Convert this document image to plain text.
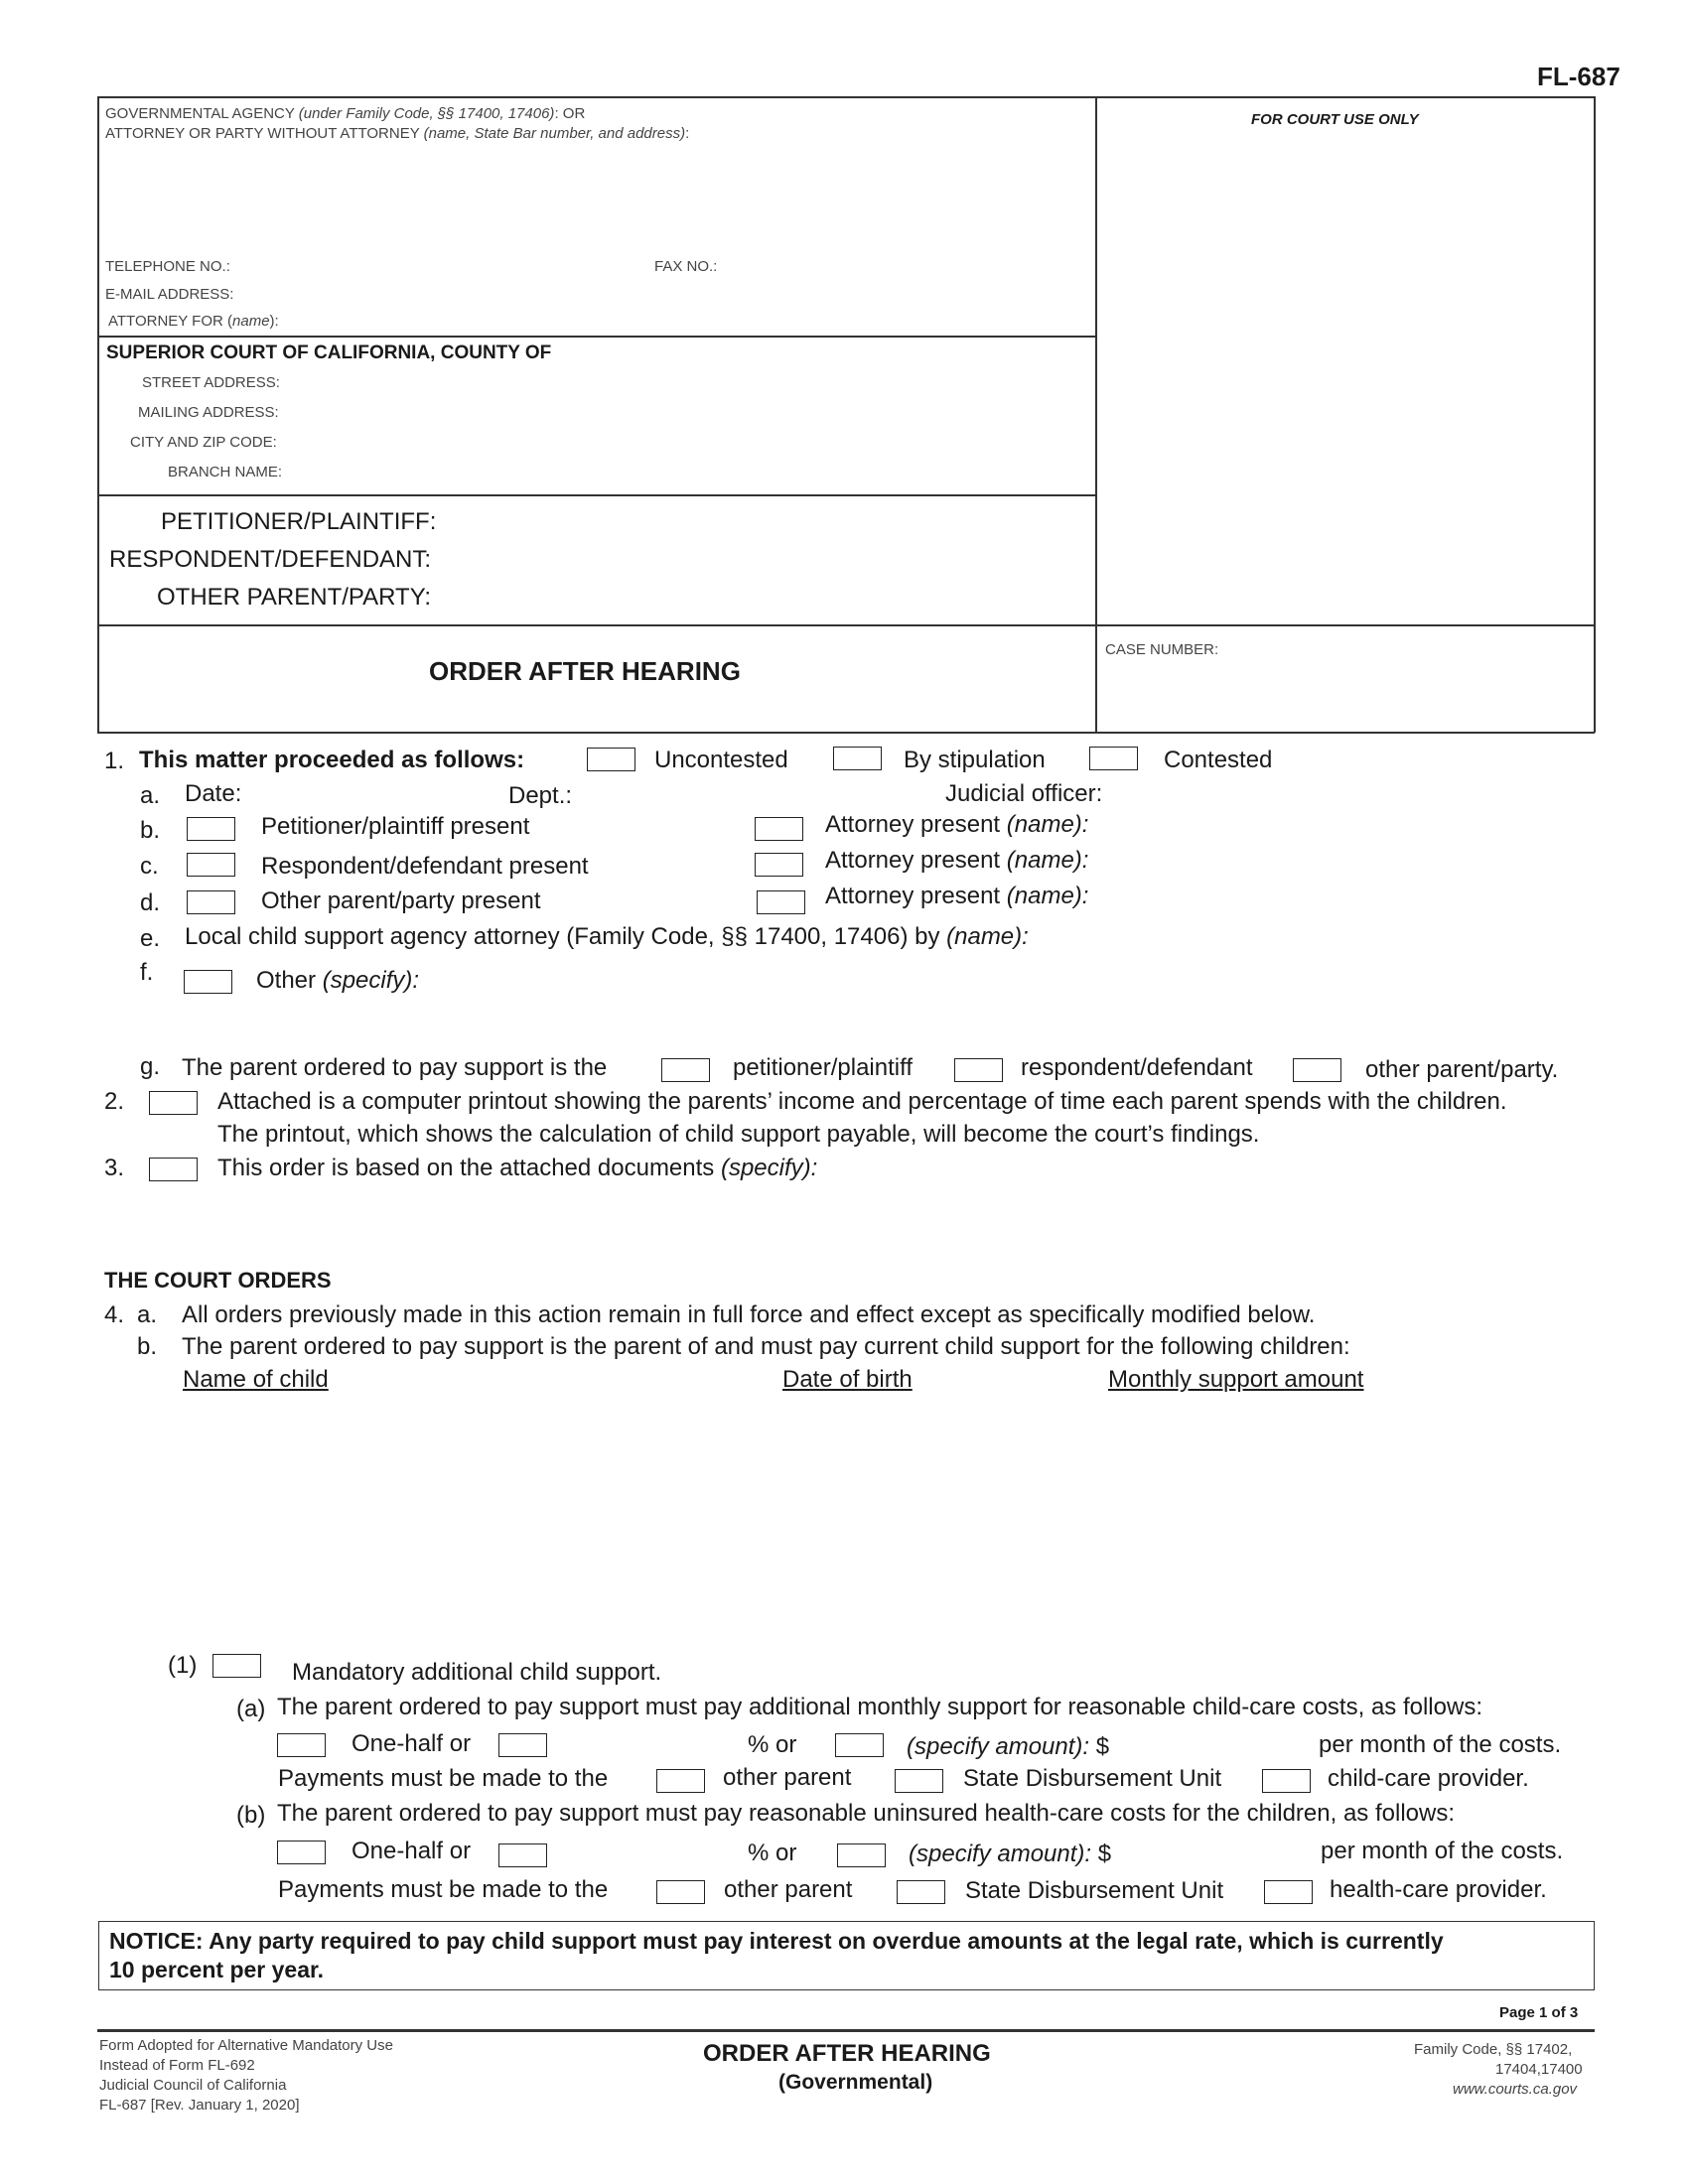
FL-687
GOVERNMENTAL AGENCY (under Family Code, §§ 17400, 17406): OR
ATTORNEY OR PARTY WITHOUT ATTORNEY (name, State Bar number, and address):
FOR COURT USE ONLY
TELEPHONE NO.:	FAX NO.:
E-MAIL ADDRESS:
ATTORNEY FOR (name):
SUPERIOR COURT OF CALIFORNIA, COUNTY OF
STREET ADDRESS:
MAILING ADDRESS:
CITY AND ZIP CODE:
BRANCH NAME:
PETITIONER/PLAINTIFF:
RESPONDENT/DEFENDANT:
OTHER PARENT/PARTY:
ORDER AFTER HEARING
CASE NUMBER:
1. This matter proceeded as follows:	Uncontested	By stipulation	Contested
a. Date:	Dept.:	Judicial officer:
b.	Petitioner/plaintiff present	Attorney present (name):
c.	Respondent/defendant present	Attorney present (name):
d.	Other parent/party present	Attorney present (name):
e. Local child support agency attorney (Family Code, §§ 17400, 17406) by (name):
f.	Other (specify):
g. The parent ordered to pay support is the	petitioner/plaintiff	respondent/defendant	other parent/party.
2.	Attached is a computer printout showing the parents’ income and percentage of time each parent spends with the children.
The printout, which shows the calculation of child support payable, will become the court’s findings.
3.	This order is based on the attached documents (specify):
THE COURT ORDERS
4. a. All orders previously made in this action remain in full force and effect except as specifically modified below.
b. The parent ordered to pay support is the parent of and must pay current child support for the following children:
Name of child	Date of birth	Monthly support amount
(1)	Mandatory additional child support.
(a) The parent ordered to pay support must pay additional monthly support for reasonable child-care costs, as follows:
One-half or	% or	(specify amount): $	per month of the costs.
Payments must be made to the	other parent	State Disbursement Unit	child-care provider.
(b) The parent ordered to pay support must pay reasonable uninsured health-care costs for the children, as follows:
One-half or	% or	(specify amount): $	per month of the costs.
Payments must be made to the	other parent	State Disbursement Unit	health-care provider.
NOTICE: Any party required to pay child support must pay interest on overdue amounts at the legal rate, which is currently
10 percent per year.
Page 1 of 3
Form Adopted for Alternative Mandatory Use
Instead of Form FL-692
Judicial Council of California
FL-687 [Rev. January 1, 2020]
ORDER AFTER HEARING
(Governmental)
Family Code, §§ 17402,
17404,17400
www.courts.ca.gov
